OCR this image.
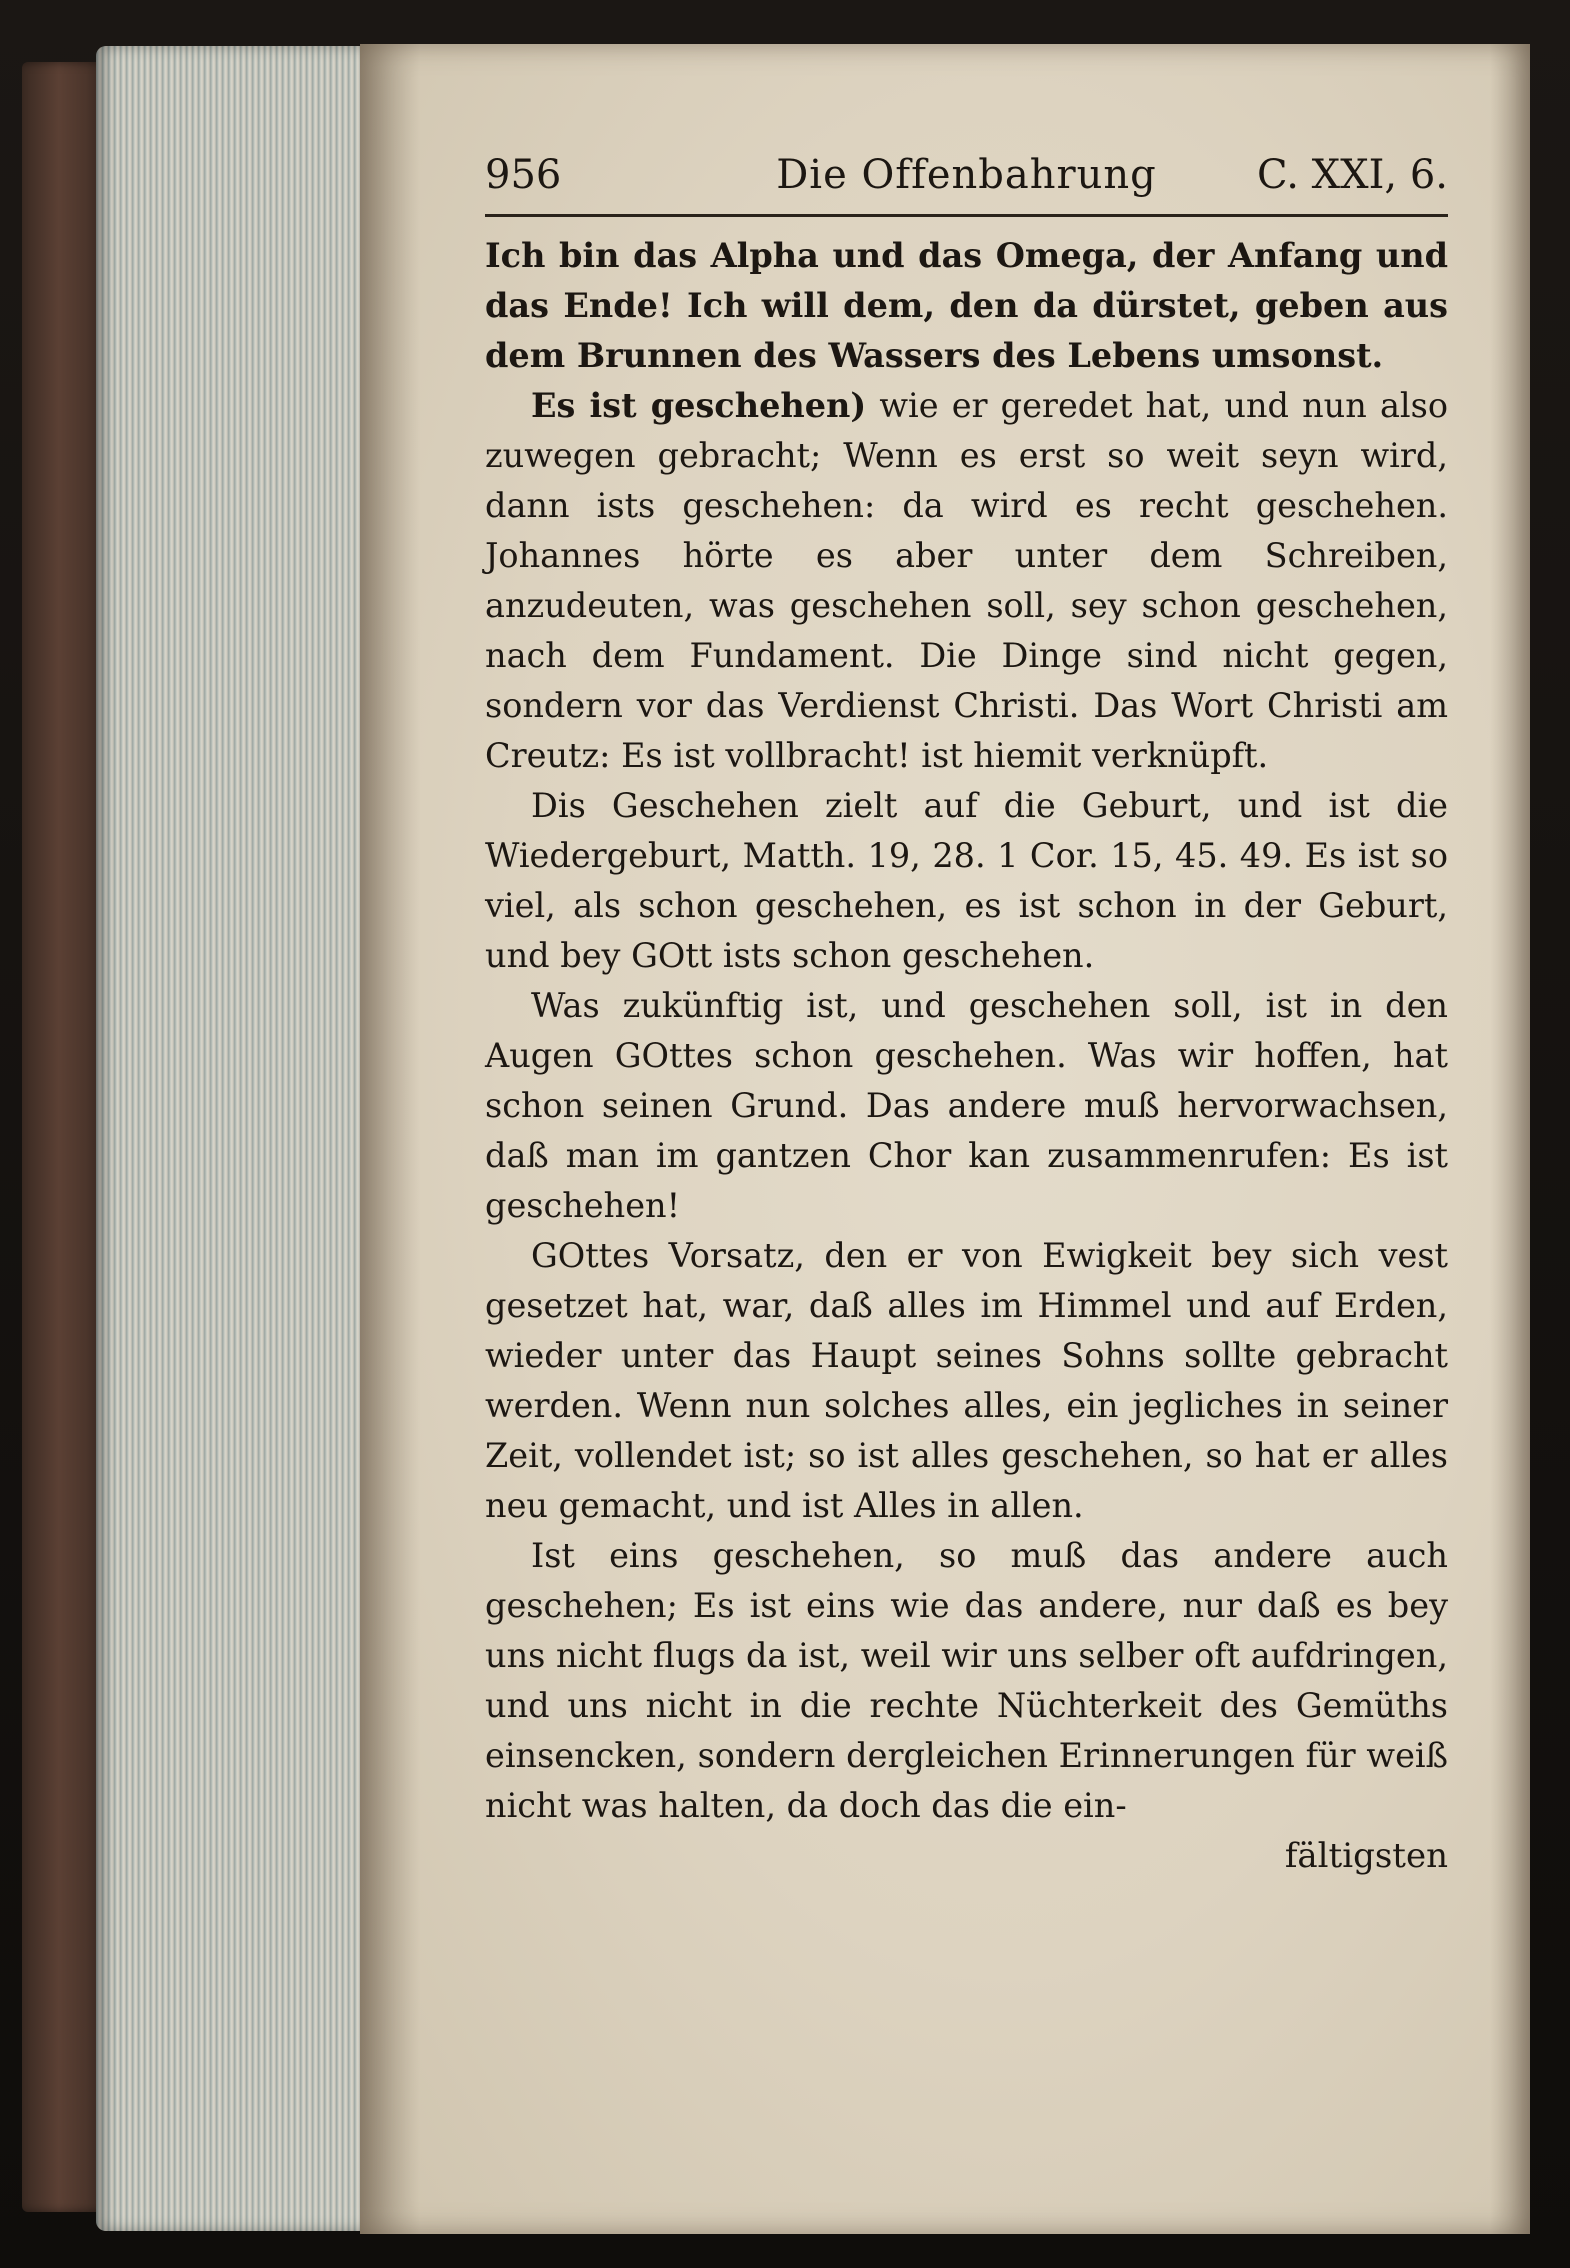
956	Die Offenbahrung	C. XXI, 6.

Ich bin das Alpha und das Omega, der Anfang und das Ende! Ich will dem, den da dürstet, geben aus dem Brunnen des Wassers des Lebens umsonst.

Es ist geschehen) wie er geredet hat, und nun also zuwegen gebracht; Wenn es erst so weit seyn wird, dann ists geschehen: da wird es recht geschehen. Johannes hörte es aber unter dem Schreiben, anzudeuten, was geschehen soll, sey schon geschehen, nach dem Fundament. Die Dinge sind nicht gegen, sondern vor das Verdienst Christi. Das Wort Christi am Creutz: Es ist vollbracht! ist hiemit verknüpft.

Dis Geschehen zielt auf die Geburt, und ist die Wiedergeburt, Matth. 19, 28. 1 Cor. 15, 45. 49. Es ist so viel, als schon geschehen, es ist schon in der Geburt, und bey GOtt ists schon geschehen.

Was zukünftig ist, und geschehen soll, ist in den Augen GOttes schon geschehen. Was wir hoffen, hat schon seinen Grund. Das andere muß hervorwachsen, daß man im gantzen Chor kan zusammenrufen: Es ist geschehen!

GOttes Vorsatz, den er von Ewigkeit bey sich vest gesetzet hat, war, daß alles im Himmel und auf Erden, wieder unter das Haupt seines Sohns sollte gebracht werden. Wenn nun solches alles, ein jegliches in seiner Zeit, vollendet ist; so ist alles geschehen, so hat er alles neu gemacht, und ist Alles in allen.

Ist eins geschehen, so muß das andere auch geschehen; Es ist eins wie das andere, nur daß es bey uns nicht flugs da ist, weil wir uns selber oft aufdringen, und uns nicht in die rechte Nüchterkeit des Gemüths einsencken, sondern dergleichen Erinnerungen für weiß nicht was halten, da doch das die ein-

fältigsten
